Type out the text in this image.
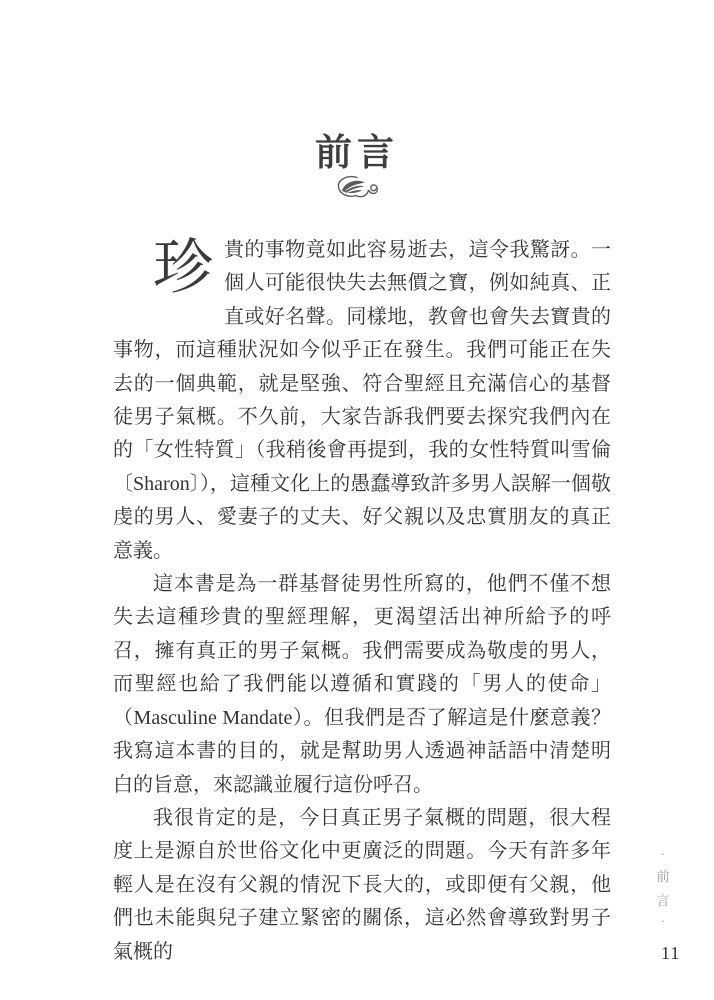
前言

珍貴的事物竟如此容易逝去，這令我驚訝。一個人可能很快失去無價之寶，例如純真、正直或好名聲。同樣地，教會也會失去寶貴的事物，而這種狀況如今似乎正在發生。我們可能正在失去的一個典範，就是堅強、符合聖經且充滿信心的基督徒男子氣概。不久前，大家告訴我們要去探究我們內在的「女性特質」（我稍後會再提到，我的女性特質叫雪倫〔Sharon〕），這種文化上的愚蠢導致許多男人誤解一個敬虔的男人、愛妻子的丈夫、好父親以及忠實朋友的真正意義。

這本書是為一群基督徒男性所寫的，他們不僅不想失去這種珍貴的聖經理解，更渴望活出神所給予的呼召，擁有真正的男子氣概。我們需要成為敬虔的男人，而聖經也給了我們能以遵循和實踐的「男人的使命」（Masculine Mandate）。但我們是否了解這是什麼意義？我寫這本書的目的，就是幫助男人透過神話語中清楚明白的旨意，來認識並履行這份呼召。

我很肯定的是，今日真正男子氣概的問題，很大程度上是源自於世俗文化中更廣泛的問題。今天有許多年輕人是在沒有父親的情況下長大的，或即便有父親，他們也未能與兒子建立緊密的關係，這必然會導致對男子氣概的

・
前
言
・
11
